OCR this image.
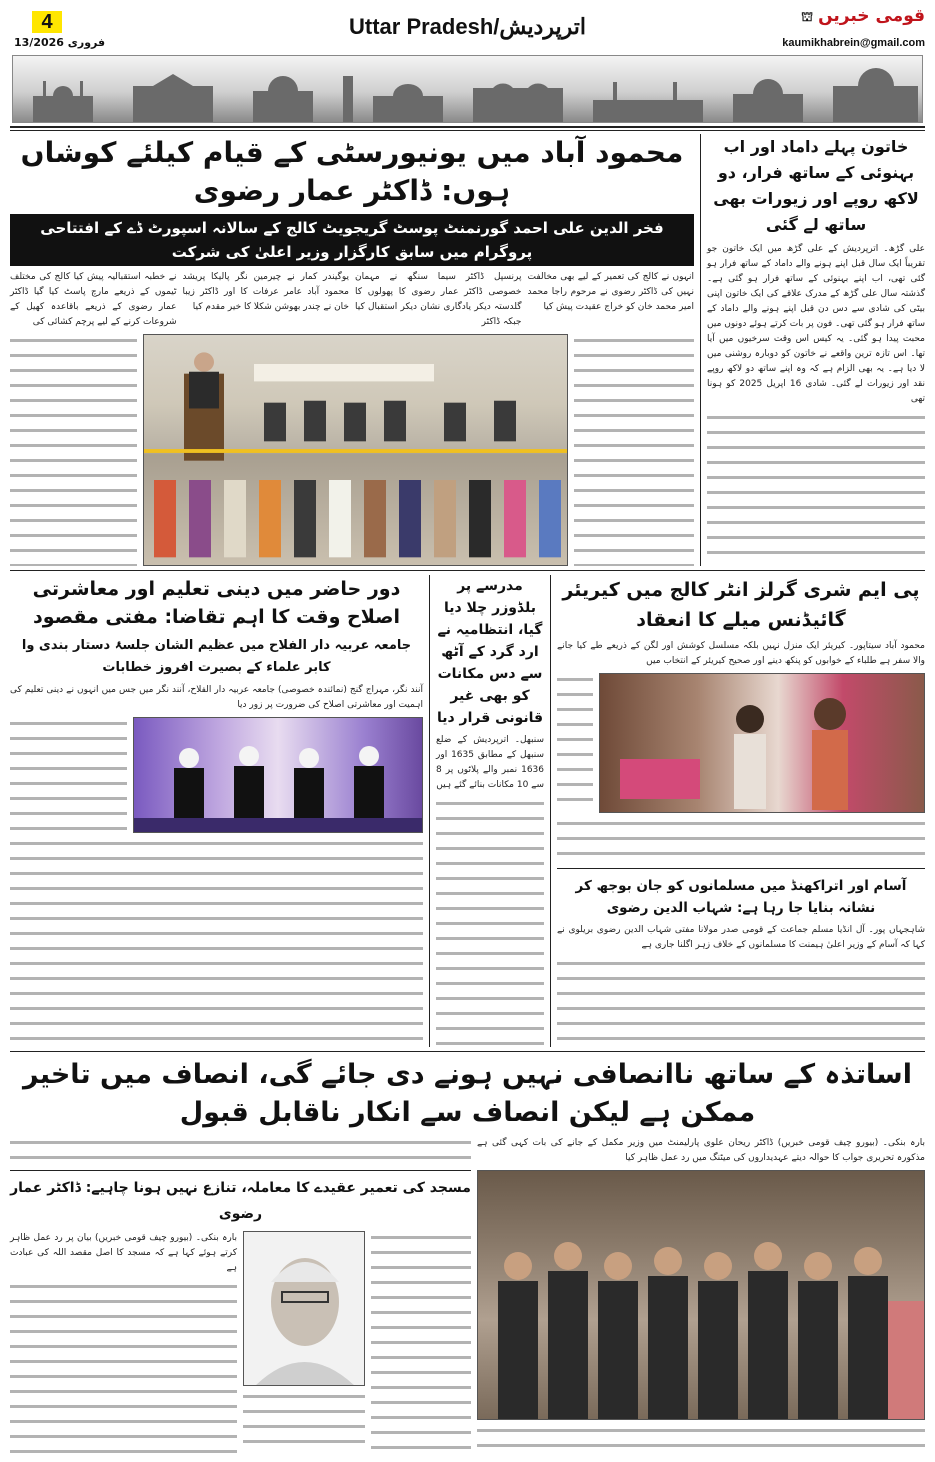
4
13/فروری 2026
Uttar Pradesh/اترپردیش	⛫ قومی خبریں
kaumikhabrein@gmail.com
خاتون پہلے داماد اور اب بہنوئی کے ساتھ فرار، دو لاکھ روپے اور زیورات بھی ساتھ لے گئی
علی گڑھ۔ اترپردیش کے علی گڑھ میں ایک خاتون جو تقریباً ایک سال قبل اپنے ہونے والے داماد کے ساتھ فرار ہو گئی تھی، اب اپنے بہنوئی کے ساتھ فرار ہو گئی ہے۔ گذشتہ سال علی گڑھ کے مدرک علاقے کی ایک خاتون اپنی بیٹی کی شادی سے دس دن قبل اپنے ہونے والے داماد کے ساتھ فرار ہو گئی تھی۔ فون پر بات کرتے ہوئے دونوں میں محبت پیدا ہو گئی۔ یہ کیس اس وقت سرخیوں میں آیا تھا۔ اس تازہ ترین واقعے نے خاتون کو دوبارہ روشنی میں لا دیا ہے۔ یہ بھی الزام ہے کہ وہ اپنے ساتھ دو لاکھ روپے نقد اور زیورات لے گئی۔ شادی 16 اپریل 2025 کو ہونا تھی
محمود آباد میں یونیورسٹی کے قیام کیلئے کوشاں ہوں: ڈاکٹر عمار رضوی
فخر الدین علی احمد گورنمنٹ پوسٹ گریجویٹ کالج کے سالانہ اسپورٹ ڈے کے افتتاحی پروگرام میں سابق کارگزار وزیر اعلیٰ کی شرکت
انہوں نے کالج کی تعمیر کے لیے بھی مخالفت نہیں کی ڈاکٹر رضوی نے مرحوم راجا محمد امیر محمد خان کو خراج عقیدت پیش کیا
پرنسپل ڈاکٹر سیما سنگھ نے مہمان خصوصی ڈاکٹر عمار رضوی کا پھولوں کا گلدستہ دیکر یادگاری نشان دیکر استقبال کیا جبکہ ڈاکٹر
یوگیندر کمار نے چیرمین نگر پالیکا پریشد محمود آباد عامر عرفات کا اور ڈاکٹر زیبا خان نے چندر بھوشن شکلا کا خیر مقدم کیا
نے خطبہ استقبالیہ پیش کیا کالج کی مختلف ٹیموں کے ذریعے مارچ پاسٹ کیا گیا ڈاکٹر عمار رضوی کے ذریعے باقاعدہ کھیل کے شروعات کرنے کے لیے پرچم کشائی کی
پی ایم شری گرلز انٹر کالج میں کیریئر گائیڈنس میلے کا انعقاد
محمود آباد سیتاپور۔ کیریئر ایک منزل نہیں بلکہ مسلسل کوشش اور لگن کے ذریعے طے کیا جانے والا سفر ہے طلباء کے خوابوں کو پنکھ دینے اور صحیح کیریئر کے انتخاب میں
آسام اور اتراکھنڈ میں مسلمانوں کو جان بوجھ کر نشانہ بنایا جا رہا ہے: شہاب الدین رضوی
شاہجہاں پور۔ آل انڈیا مسلم جماعت کے قومی صدر مولانا مفتی شہاب الدین رضوی بریلوی نے کہا کہ آسام کے وزیر اعلیٰ ہیمنت کا مسلمانوں کے خلاف زہر اگلنا جاری ہے
مدرسے پر بلڈوزر چلا دیا گیا، انتظامیہ نے ارد گرد کے آٹھ سے دس مکانات کو بھی غیر قانونی قرار دیا
سنبھل۔ اترپردیش کے ضلع سنبھل کے مطابق 1635 اور 1636 نمبر والے پلاٹوں پر 8 سے 10 مکانات بنائے گئے ہیں
دور حاضر میں دینی تعلیم اور معاشرتی اصلاح وقت کا اہم تقاضا: مفتی مقصود
جامعہ عربیہ دار الفلاح میں عظیم الشان جلسۂ دستار بندی وا کابر علماء کے بصیرت افروز خطابات
آنند نگر، مہراج گنج (نمائندہ خصوصی) جامعہ عربیہ دار الفلاح، آنند نگر میں جس میں انہوں نے دینی تعلیم کی اہمیت اور معاشرتی اصلاح کی ضرورت پر زور دیا
اساتذہ کے ساتھ ناانصافی نہیں ہونے دی جائے گی، انصاف میں تاخیر ممکن ہے لیکن انصاف سے انکار ناقابل قبول
بارہ بنکی۔ (بیورو چیف قومی خبریں) ڈاکٹر ریحان علوی پارلیمنٹ میں وزیر مکمل کے جانے کی بات کہی گئی ہے مذکورہ تحریری جواب کا حوالہ دیتے عہدیداروں کی میٹنگ میں رد عمل ظاہر کیا
مسجد کی تعمیر عقیدے کا معاملہ، تنازع نہیں ہونا چاہیے: ڈاکٹر عمار رضوی
بارہ بنکی۔ (بیورو چیف قومی خبریں) بیان پر رد عمل ظاہر کرتے ہوئے کہا ہے کہ مسجد کا اصل مقصد اللہ کی عبادت ہے
